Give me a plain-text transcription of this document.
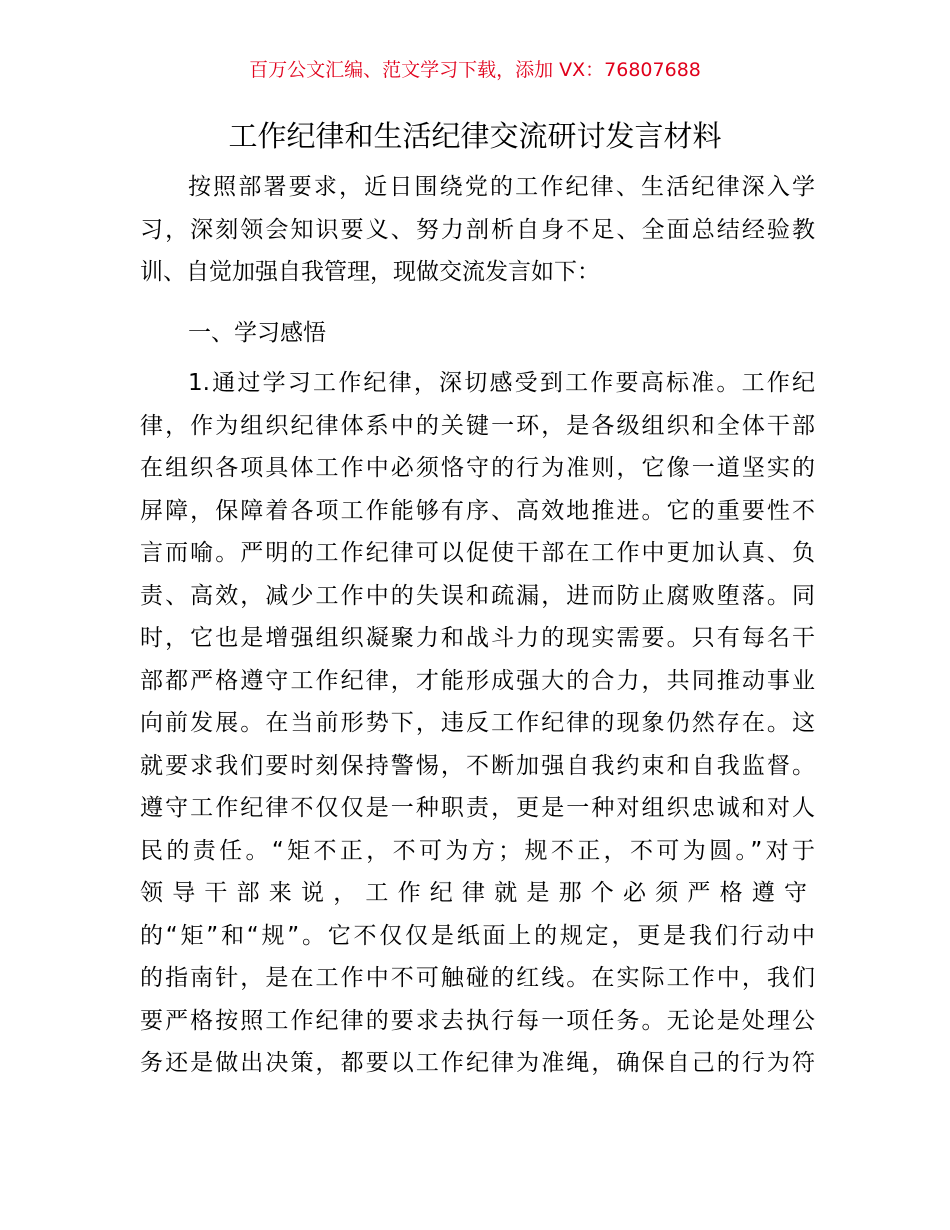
百万公文汇编、范文学习下载，添加 VX：76807688
工作纪律和生活纪律交流研讨发言材料
按照部署要求，近日围绕党的工作纪律、生活纪律深入学
习，深刻领会知识要义、努力剖析自身不足、全面总结经验教
训、自觉加强自我管理，现做交流发言如下：
一、学习感悟
1.通过学习工作纪律，深切感受到工作要高标准。工作纪
律，作为组织纪律体系中的关键一环，是各级组织和全体干部
在组织各项具体工作中必须恪守的行为准则，它像一道坚实的
屏障，保障着各项工作能够有序、高效地推进。它的重要性不
言而喻。严明的工作纪律可以促使干部在工作中更加认真、负
责、高效，减少工作中的失误和疏漏，进而防止腐败堕落。同
时，它也是增强组织凝聚力和战斗力的现实需要。只有每名干
部都严格遵守工作纪律，才能形成强大的合力，共同推动事业
向前发展。在当前形势下，违反工作纪律的现象仍然存在。这
就要求我们要时刻保持警惕，不断加强自我约束和自我监督。
遵守工作纪律不仅仅是一种职责，更是一种对组织忠诚和对人
民的责任。“矩不正，不可为方；规不正，不可为圆。”对于
领导干部来说，工作纪律就是那个必须严格遵守
的“矩”和“规”。它不仅仅是纸面上的规定，更是我们行动中
的指南针，是在工作中不可触碰的红线。在实际工作中，我们
要严格按照工作纪律的要求去执行每一项任务。无论是处理公
务还是做出决策，都要以工作纪律为准绳，确保自己的行为符
